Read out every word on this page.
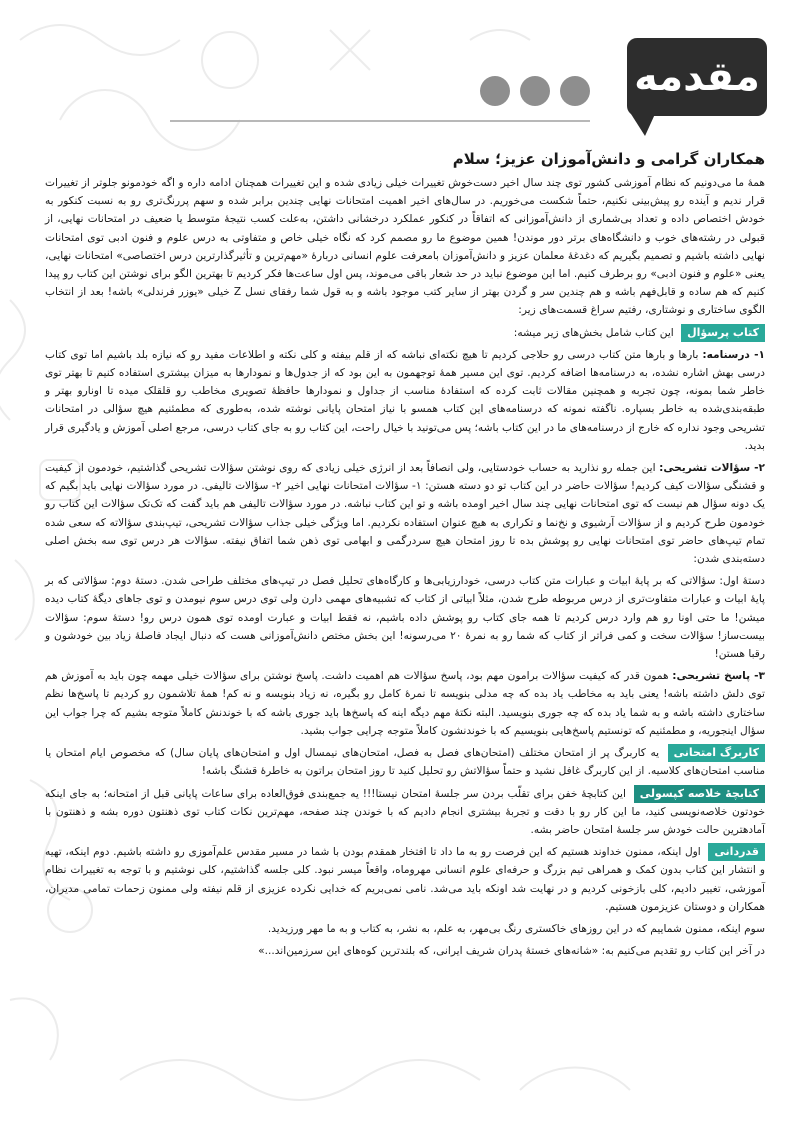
مقدمه

همکاران گرامی و دانش‌آموزان عزیز؛ سلام

همهٔ ما می‌دونیم که نظام آموزشی کشور توی چند سال اخیر دست‌خوش تغییرات خیلی زیادی شده و این تغییرات همچنان ادامه داره و اگه خودمونو جلوتر از تغییرات قرار ندیم و آینده رو پیش‌بینی نکنیم، حتماً شکست می‌خوریم. در سال‌های اخیر اهمیت امتحانات نهایی چندین برابر شده و سهم پررنگ‌تری رو به نسبت کنکور به خودش اختصاص داده و تعداد بی‌شماری از دانش‌آموزانی که اتفاقاً در کنکور عملکرد درخشانی داشتن، به‌علت کسب نتیجهٔ متوسط یا ضعیف در امتحانات نهایی، از قبولی در رشته‌های خوب و دانشگاه‌های برتر دور موندن! همین موضوع ما رو مصمم کرد که نگاه خیلی خاص و متفاوتی به درس علوم و فنون ادبی توی امتحانات نهایی داشته باشیم و تصمیم بگیریم که دغدغهٔ معلمان عزیز و دانش‌آموزان بامعرفت علوم انسانی دربارهٔ «مهم‌ترین و تأثیرگذارترین درس اختصاصی» امتحانات نهایی، یعنی «علوم و فنون ادبی» رو برطرف کنیم. اما این موضوع نباید در حد شعار باقی می‌موند، پس اول ساعت‌ها فکر کردیم تا بهترین الگو برای نوشتن این کتاب رو پیدا کنیم که هم ساده و قابل‌فهم باشه و هم چندین سر و گردن بهتر از سایر کتب موجود باشه و به قول شما رفقای نسل Z خیلی «یوزر فرندلی» باشه! بعد از انتخاب الگوی ساختاری و نوشتاری، رفتیم سراغ قسمت‌های زیر:

کتاب پرسؤال این کتاب شامل بخش‌های زیر میشه:

۱- درسنامه: بارها و بارها متن کتاب درسی رو حلاجی کردیم تا هیچ نکته‌ای نباشه که از قلم بیفته و کلی نکته و اطلاعات مفید رو که نیازه بلد باشیم اما توی کتاب درسی بهش اشاره نشده، به درسنامه‌ها اضافه کردیم. توی این مسیر همهٔ توجهمون به این بود که از جدول‌ها و نمودارها به میزان بیشتری استفاده کنیم تا بهتر توی خاطر شما بمونه، چون تجربه و همچنین مقالات ثابت کرده که استفادهٔ مناسب از جداول و نمودارها حافظهٔ تصویری مخاطب رو قلقلک میده تا اونارو بهتر و طبقه‌بندی‌شده به خاطر بسپاره. ناگفته نمونه که درسنامه‌های این کتاب همسو با نیاز امتحان پایانی نوشته شده، به‌طوری که مطمئنیم هیچ سؤالی در امتحانات تشریحی وجود نداره که خارج از درسنامه‌های ما در این کتاب باشه؛ پس می‌تونید با خیال راحت، این کتاب رو به جای کتاب درسی، مرجع اصلی آموزش و یادگیری قرار بدید.

۲- سؤالات تشریحی: این جمله رو نذارید به حساب خودستایی، ولی انصافاً بعد از انرژی خیلی زیادی که روی نوشتن سؤالات تشریحی گذاشتیم، خودمون از کیفیت و قشنگی سؤالات کیف کردیم! سؤالات حاضر در این کتاب تو دو دسته هستن: ۱- سؤالات امتحانات نهایی اخیر ۲- سؤالات تالیفی. در مورد سؤالات نهایی باید بگیم که یک دونه سؤال هم نیست که توی امتحانات نهایی چند سال اخیر اومده باشه و تو این کتاب نباشه. در مورد سؤالات تالیفی هم باید گفت که تک‌تک سؤالات این کتاب رو خودمون طرح کردیم و از سؤالات آرشیوی و نخ‌نما و تکراری به هیچ عنوان استفاده نکردیم. اما ویژگی خیلی جذاب سؤالات تشریحی، تیپ‌بندی سؤالاته که سعی شده تمام تیپ‌های حاضر توی امتحانات نهایی رو پوشش بده تا روز امتحان هیچ سردرگمی و ابهامی توی ذهن شما اتفاق نیفته. سؤالات هر درس توی سه بخش اصلی دسته‌بندی شدن:

دستهٔ اول: سؤالاتی که بر پایهٔ ابیات و عبارات متن کتاب درسی، خودارزیابی‌ها و کارگاه‌های تحلیل فصل در تیپ‌های مختلف طراحی شدن. دستهٔ دوم: سؤالاتی که بر پایهٔ ابیات و عبارات متفاوت‌تری از درس مربوطه طرح شدن، مثلاً ابیاتی از کتاب که تشبیه‌های مهمی دارن ولی توی درس سوم نیومدن و توی جاهای دیگهٔ کتاب دیده میشن! ما حتی اونا رو هم وارد درس کردیم تا همه جای کتاب رو پوشش داده باشیم، نه فقط ابیات و عبارت اومده توی همون درس رو! دستهٔ سوم: سؤالات بیست‌ساز! سؤالات سخت و کمی فراتر از کتاب که شما رو به نمرهٔ ۲۰ می‌رسونه! این بخش مختص دانش‌آموزانی هست که دنبال ایجاد فاصلهٔ زیاد بین خودشون و رقبا هستن!

۳- پاسخ تشریحی: همون قدر که کیفیت سؤالات برامون مهم بود، پاسخ سؤالات هم اهمیت داشت. پاسخ نوشتن برای سؤالات خیلی مهمه چون باید به آموزش هم توی دلش داشته باشه! یعنی باید به مخاطب یاد بده که چه مدلی بنویسه تا نمرهٔ کامل رو بگیره، نه زیاد بنویسه و نه کم! همهٔ تلاشمون رو کردیم تا پاسخ‌ها نظم ساختاری داشته باشه و به شما یاد بده که چه جوری بنویسید. البته نکتهٔ مهم دیگه اینه که پاسخ‌ها باید جوری باشه که با خوندنش کاملاً متوجه بشیم که چرا جواب این سؤال اینجوریه، و مطمئنیم که تونستیم پاسخ‌هایی بنویسیم که با خوندنشون کاملاً متوجه چرایی جواب بشید.

کاربرگ امتحانی یه کاربرگ پر از امتحان مختلف (امتحان‌های فصل به فصل، امتحان‌های نیمسال اول و امتحان‌های پایان سال) که مخصوص ایام امتحان یا مناسب امتحان‌های کلاسیه. از این کاربرگ غافل نشید و حتماً سؤالاتش رو تحلیل کنید تا روز امتحان براتون به خاطرهٔ قشنگ باشه!

کتابچهٔ خلاصه کپسولی این کتابچهٔ خفن برای تقلّب بردن سر جلسهٔ امتحان نیستا!!! یه جمع‌بندی فوق‌العاده برای ساعات پایانی قبل از امتحانه؛ به جای اینکه خودتون خلاصه‌نویسی کنید، ما این کار رو با دقت و تجربهٔ بیشتری انجام دادیم که با خوندن چند صفحه، مهم‌ترین نکات کتاب توی ذهنتون دوره بشه و ذهنتون با آمادهترین حالت خودش سر جلسهٔ امتحان حاضر بشه.

قدردانی اول اینکه، ممنون خداوند هستیم که این فرصت رو به ما داد تا افتخار همقدم بودن با شما در مسیر مقدس علم‌آموزی رو داشته باشیم. دوم اینکه، تهیه و انتشار این کتاب بدون کمک و همراهی تیم بزرگ و حرفه‌ای علوم انسانی مهروماه، واقعاً میسر نبود. کلی جلسه گذاشتیم، کلی نوشتیم و با توجه به تغییرات نظام آموزشی، تغییر دادیم، کلی بازخونی کردیم و در نهایت شد اونکه باید می‌شد. نامی نمی‌بریم که خدایی نکرده عزیزی از قلم نیفته ولی ممنون زحمات تمامی مدیران، همکاران و دوستان عزیزمون هستیم.

سوم اینکه، ممنون شماییم که در این روزهای خاکستری رنگ بی‌مهر، به علم، به نشر، به کتاب و به ما مهر ورزیدید.

در آخر این کتاب رو تقدیم می‌کنیم به: «شانه‌های خستهٔ پدران شریف ایرانی، که بلندترین کوه‌های این سرزمین‌اند...»
